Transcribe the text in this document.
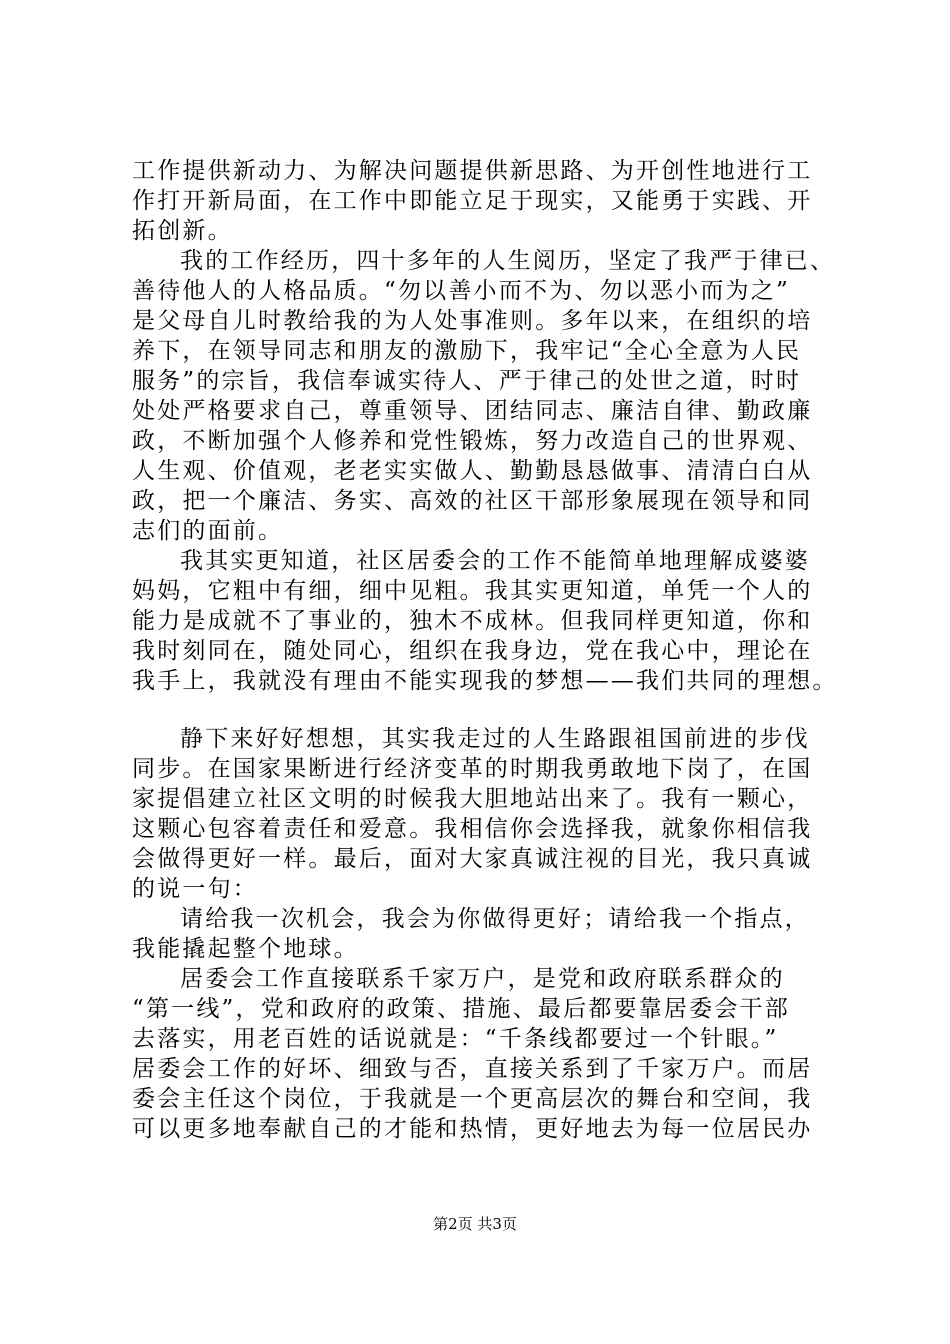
工作提供新动力、为解决问题提供新思路、为开创性地进行工
作打开新局面，在工作中即能立足于现实，又能勇于实践、开
拓创新。
我的工作经历，四十多年的人生阅历，坚定了我严于律已、
善待他人的人格品质。“勿以善小而不为、勿以恶小而为之”
是父母自儿时教给我的为人处事准则。多年以来，在组织的培
养下，在领导同志和朋友的激励下，我牢记“全心全意为人民
服务”的宗旨，我信奉诚实待人、严于律己的处世之道，时时
处处严格要求自己，尊重领导、团结同志、廉洁自律、勤政廉
政，不断加强个人修养和党性锻炼，努力改造自己的世界观、
人生观、价值观，老老实实做人、勤勤恳恳做事、清清白白从
政，把一个廉洁、务实、高效的社区干部形象展现在领导和同
志们的面前。
我其实更知道，社区居委会的工作不能简单地理解成婆婆
妈妈，它粗中有细，细中见粗。我其实更知道，单凭一个人的
能力是成就不了事业的，独木不成林。但我同样更知道，你和
我时刻同在，随处同心，组织在我身边，党在我心中，理论在
我手上，我就没有理由不能实现我的梦想——我们共同的理想。
静下来好好想想，其实我走过的人生路跟祖国前进的步伐
同步。在国家果断进行经济变革的时期我勇敢地下岗了，在国
家提倡建立社区文明的时候我大胆地站出来了。我有一颗心，
这颗心包容着责任和爱意。我相信你会选择我，就象你相信我
会做得更好一样。最后，面对大家真诚注视的目光，我只真诚
的说一句：
请给我一次机会，我会为你做得更好；请给我一个指点，
我能撬起整个地球。
居委会工作直接联系千家万户，是党和政府联系群众的
“第一线”，党和政府的政策、措施、最后都要靠居委会干部
去落实，用老百姓的话说就是：“千条线都要过一个针眼。”
居委会工作的好坏、细致与否，直接关系到了千家万户。而居
委会主任这个岗位，于我就是一个更高层次的舞台和空间，我
可以更多地奉献自己的才能和热情，更好地去为每一位居民办
第2页 共3页
